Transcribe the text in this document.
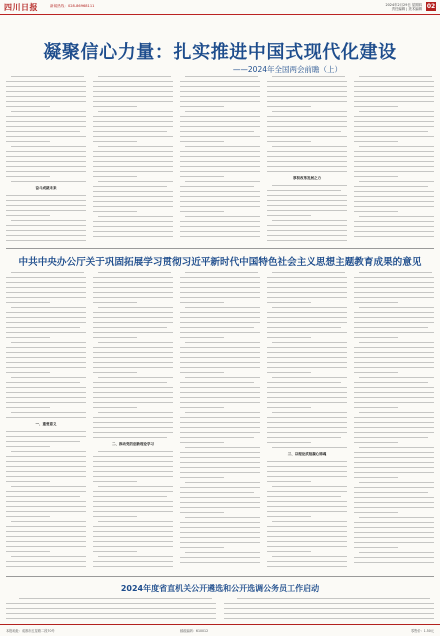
四川日报	新闻热线：028-86968111	2024年2月29日 星期四
责任编辑 | 美术编辑 02
凝聚信心力量：扎实推进中国式现代化建设
——2024年全国两会前瞻（上）
奋斗成就未来
厚积改革发展之力
中共中央办公厅关于巩固拓展学习贯彻习近平新时代中国特色社会主义思想主题教育成果的意见
一、重要意义
二、推动党的创新理论学习
三、以理论武装凝心铸魂
2024年度省直机关公开遴选和公开选调公务员工作启动
本报地址：成都市红星路二段70号	邮政编码：610012	零售价：1.50元
